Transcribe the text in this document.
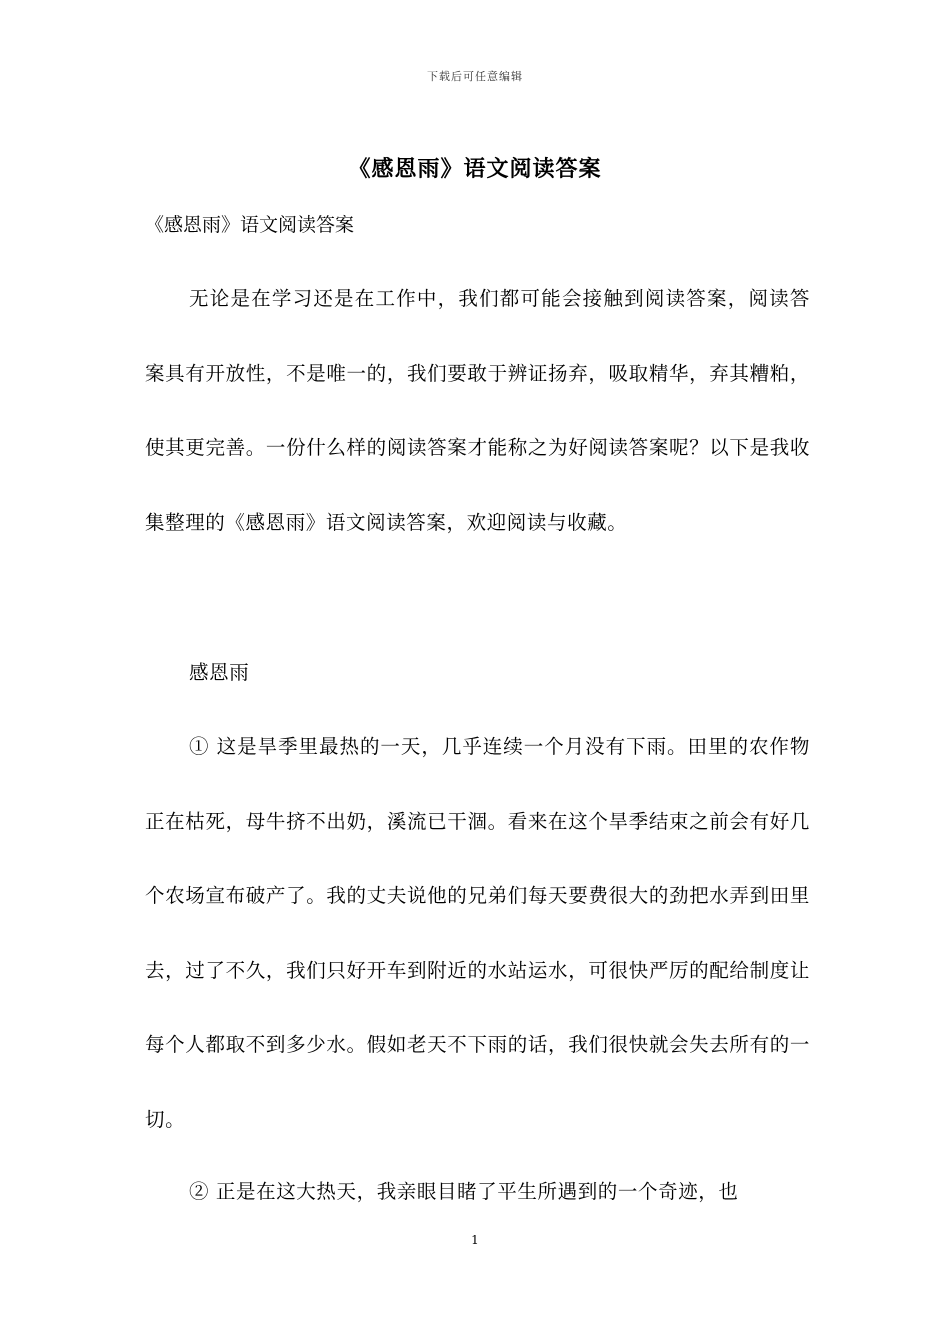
下载后可任意编辑
《感恩雨》语文阅读答案
《感恩雨》语文阅读答案

无论是在学习还是在工作中，我们都可能会接触到阅读答案，阅读答案具有开放性，不是唯一的，我们要敢于辨证扬弃，吸取精华，弃其糟粕，使其更完善。一份什么样的阅读答案才能称之为好阅读答案呢？以下是我收集整理的《感恩雨》语文阅读答案，欢迎阅读与收藏。

感恩雨

① 这是旱季里最热的一天，几乎连续一个月没有下雨。田里的农作物正在枯死，母牛挤不出奶，溪流已干涸。看来在这个旱季结束之前会有好几个农场宣布破产了。我的丈夫说他的兄弟们每天要费很大的劲把水弄到田里去，过了不久，我们只好开车到附近的水站运水，可很快严厉的配给制度让每个人都取不到多少水。假如老天不下雨的话，我们很快就会失去所有的一切。

② 正是在这大热天，我亲眼目睹了平生所遇到的一个奇迹，也

1
